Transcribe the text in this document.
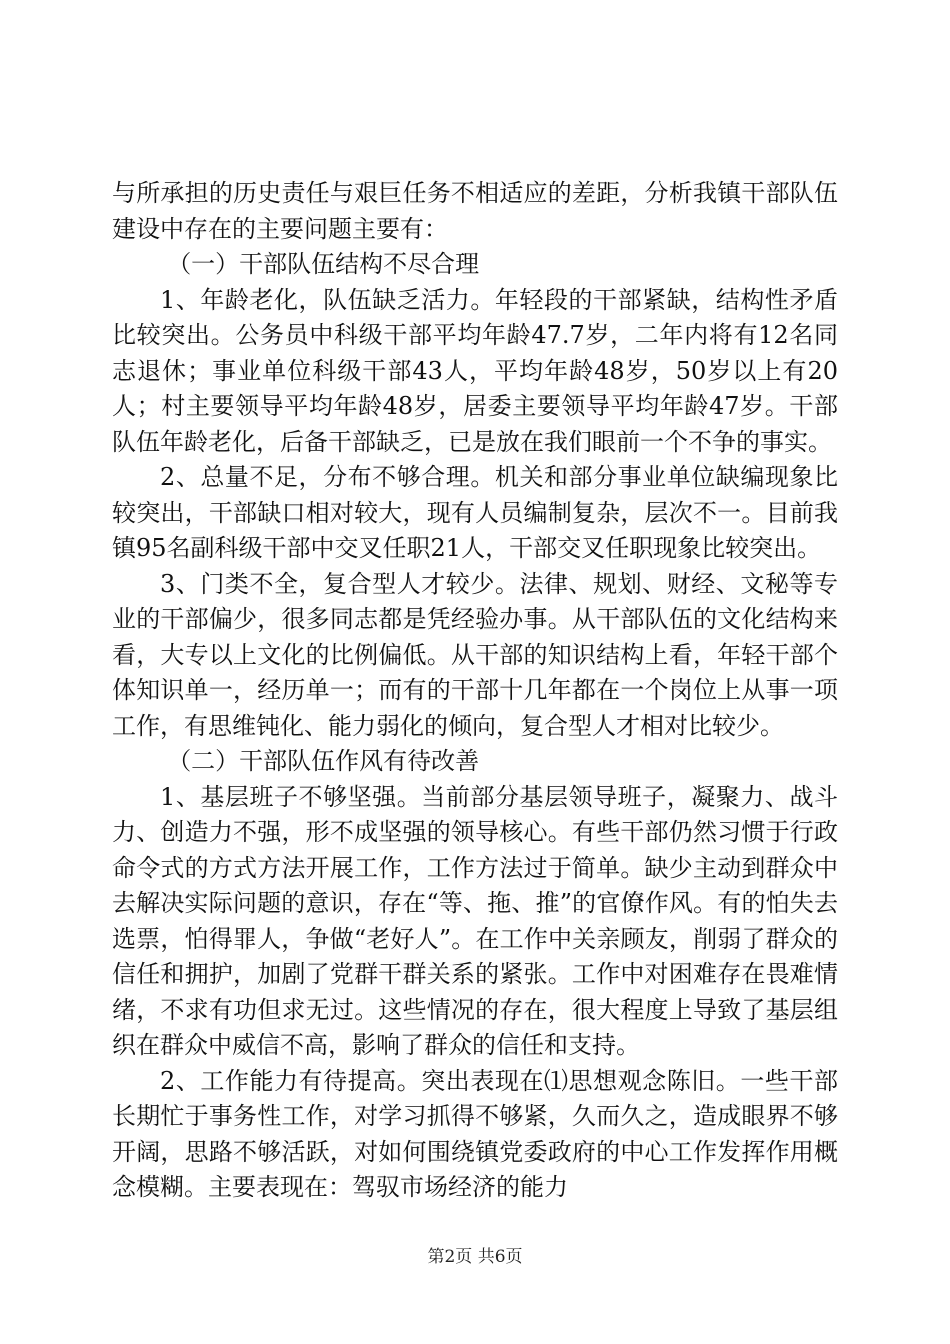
与所承担的历史责任与艰巨任务不相适应的差距，分析我镇干部队伍建设中存在的主要问题主要有：

（一）干部队伍结构不尽合理

1、年龄老化，队伍缺乏活力。年轻段的干部紧缺，结构性矛盾比较突出。公务员中科级干部平均年龄47.7岁，二年内将有12名同志退休；事业单位科级干部43人，平均年龄48岁，50岁以上有20人；村主要领导平均年龄48岁，居委主要领导平均年龄47岁。干部队伍年龄老化，后备干部缺乏，已是放在我们眼前一个不争的事实。

2、总量不足，分布不够合理。机关和部分事业单位缺编现象比较突出，干部缺口相对较大，现有人员编制复杂，层次不一。目前我镇95名副科级干部中交叉任职21人，干部交叉任职现象比较突出。

3、门类不全，复合型人才较少。法律、规划、财经、文秘等专业的干部偏少，很多同志都是凭经验办事。从干部队伍的文化结构来看，大专以上文化的比例偏低。从干部的知识结构上看，年轻干部个体知识单一，经历单一；而有的干部十几年都在一个岗位上从事一项工作，有思维钝化、能力弱化的倾向，复合型人才相对比较少。

（二）干部队伍作风有待改善

1、基层班子不够坚强。当前部分基层领导班子，凝聚力、战斗力、创造力不强，形不成坚强的领导核心。有些干部仍然习惯于行政命令式的方式方法开展工作，工作方法过于简单。缺少主动到群众中去解决实际问题的意识，存在“等、拖、推”的官僚作风。有的怕失去选票，怕得罪人，争做“老好人”。在工作中关亲顾友，削弱了群众的信任和拥护，加剧了党群干群关系的紧张。工作中对困难存在畏难情绪，不求有功但求无过。这些情况的存在，很大程度上导致了基层组织在群众中威信不高，影响了群众的信任和支持。

2、工作能力有待提高。突出表现在⑴思想观念陈旧。一些干部长期忙于事务性工作，对学习抓得不够紧，久而久之，造成眼界不够开阔，思路不够活跃，对如何围绕镇党委政府的中心工作发挥作用概念模糊。主要表现在：驾驭市场经济的能力

第2页 共6页
